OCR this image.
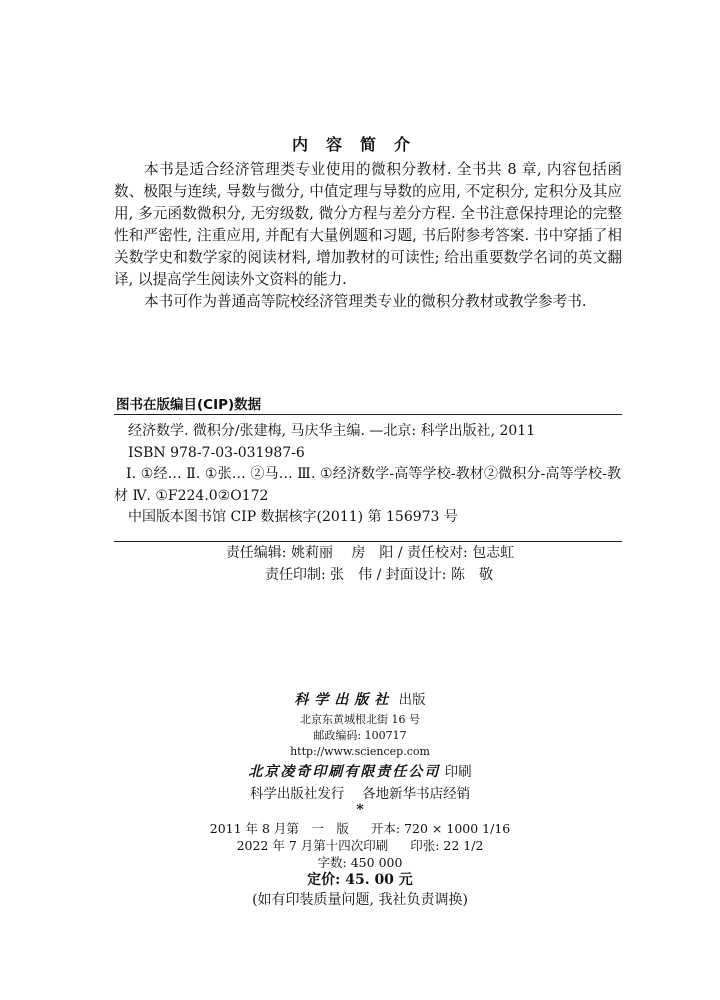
内容简介

本书是适合经济管理类专业使用的微积分教材. 全书共 8 章, 内容包括函数、极限与连续, 导数与微分, 中值定理与导数的应用, 不定积分, 定积分及其应用, 多元函数微积分, 无穷级数, 微分方程与差分方程. 全书注意保持理论的完整性和严密性, 注重应用, 并配有大量例题和习题, 书后附参考答案. 书中穿插了相关数学史和数学家的阅读材料, 增加教材的可读性; 给出重要数学名词的英文翻译, 以提高学生阅读外文资料的能力.

本书可作为普通高等院校经济管理类专业的微积分教材或教学参考书.

图书在版编目(CIP)数据
经济数学. 微积分/张建梅, 马庆华主编. —北京: 科学出版社, 2011
ISBN 978-7-03-031987-6
Ⅰ. ①经… Ⅱ. ①张… ②马… Ⅲ. ①经济数学-高等学校-教材②微积分-高等学校-教材 Ⅳ. ①F224.0②O172
中国版本图书馆 CIP 数据核字(2011) 第 156973 号
责任编辑: 姚莉丽　 房　阳 / 责任校对: 包志虹
责任印制: 张　伟 / 封面设计: 陈　敬
科学出版社 出版
北京东黄城根北街 16 号
邮政编码: 100717
http://www.sciencep.com
北京凌奇印刷有限责任公司 印刷
科学出版社发行　 各地新华书店经销
*
2011 年 8 月第　一　版 开本: 720 × 1000 1/16
2022 年 7 月第十四次印刷 印张: 22 1/2
字数: 450 000
定价: 45. 00 元
(如有印装质量问题, 我社负责调换)
